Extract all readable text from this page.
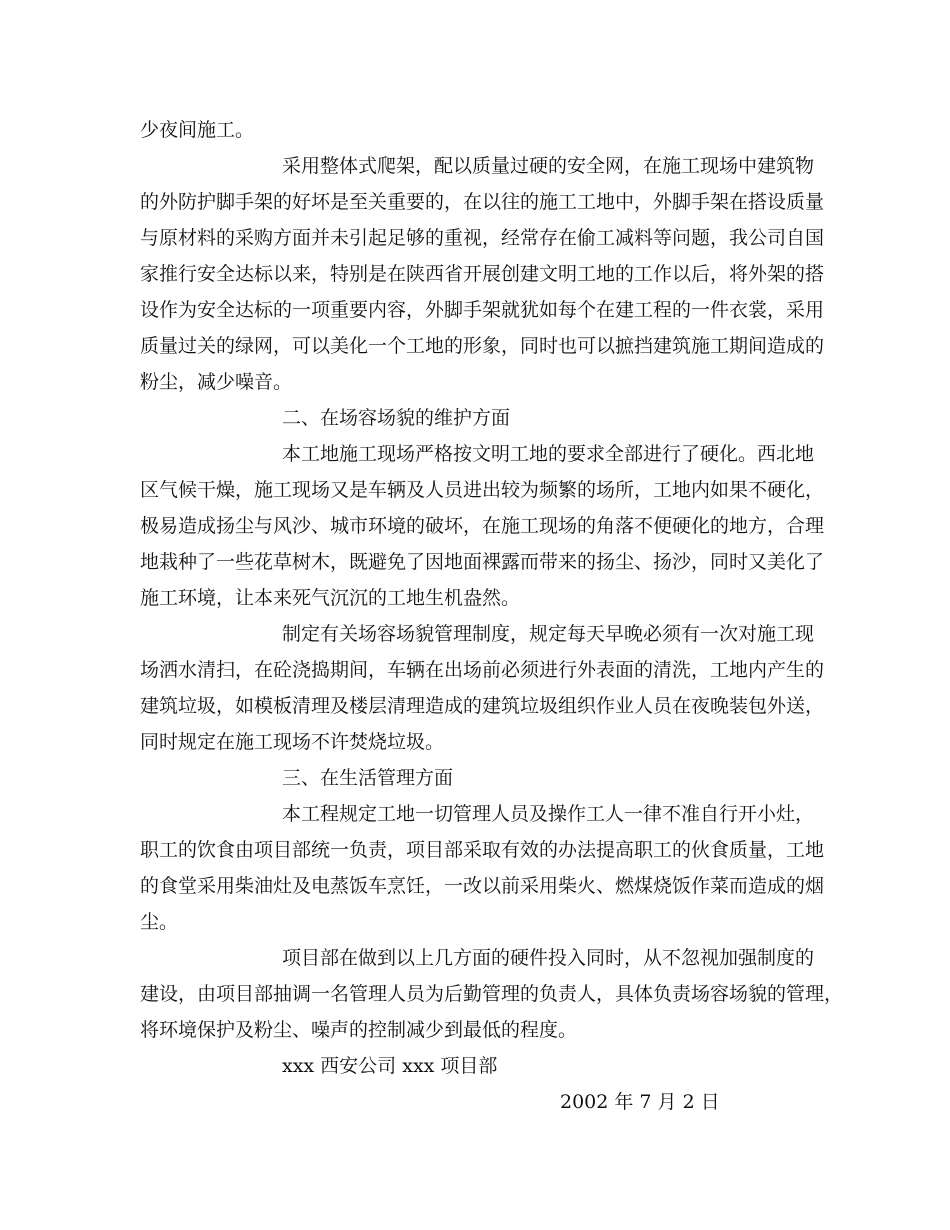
少夜间施工。
采用整体式爬架，配以质量过硬的安全网，在施工现场中建筑物
的外防护脚手架的好坏是至关重要的，在以往的施工工地中，外脚手架在搭设质量
与原材料的采购方面并未引起足够的重视，经常存在偷工减料等问题，我公司自国
家推行安全达标以来，特别是在陕西省开展创建文明工地的工作以后，将外架的搭
设作为安全达标的一项重要内容，外脚手架就犹如每个在建工程的一件衣裳，采用
质量过关的绿网，可以美化一个工地的形象，同时也可以摭挡建筑施工期间造成的
粉尘，减少噪音。
二、在场容场貌的维护方面
本工地施工现场严格按文明工地的要求全部进行了硬化。西北地
区气候干燥，施工现场又是车辆及人员进出较为频繁的场所，工地内如果不硬化，
极易造成扬尘与风沙、城市环境的破坏，在施工现场的角落不便硬化的地方，合理
地栽种了一些花草树木，既避免了因地面裸露而带来的扬尘、扬沙，同时又美化了
施工环境，让本来死气沉沉的工地生机盎然。
制定有关场容场貌管理制度，规定每天早晚必须有一次对施工现
场洒水清扫，在砼浇捣期间，车辆在出场前必须进行外表面的清洗，工地内产生的
建筑垃圾，如模板清理及楼层清理造成的建筑垃圾组织作业人员在夜晚装包外送，
同时规定在施工现场不许焚烧垃圾。
三、在生活管理方面
本工程规定工地一切管理人员及操作工人一律不准自行开小灶，
职工的饮食由项目部统一负责，项目部采取有效的办法提高职工的伙食质量，工地
的食堂采用柴油灶及电蒸饭车烹饪，一改以前采用柴火、燃煤烧饭作菜而造成的烟
尘。
项目部在做到以上几方面的硬件投入同时，从不忽视加强制度的
建设，由项目部抽调一名管理人员为后勤管理的负责人，具体负责场容场貌的管理，
将环境保护及粉尘、噪声的控制减少到最低的程度。
xxx 西安公司 xxx 项目部
2002 年 7 月 2 日
